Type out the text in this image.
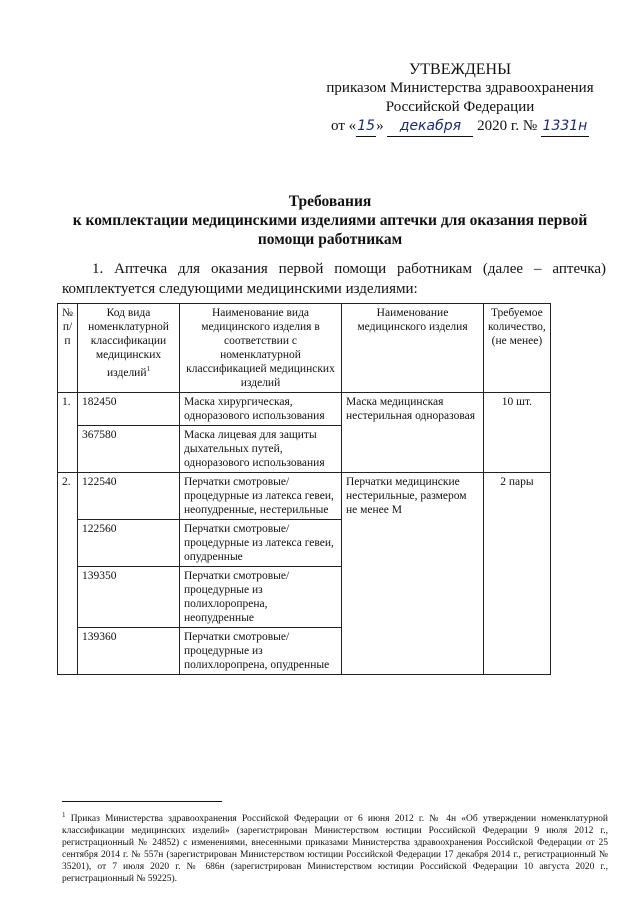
УТВЕЖДЕНЫ
приказом Министерства здравоохранения
Российской Федерации
от «15» декабря 2020 г. № 1331н
Требования
к комплектации медицинскими изделиями аптечки для оказания первой
помощи работникам
1. Аптечка для оказания первой помощи работникам (далее – аптечка) комплектуется следующими медицинскими изделиями:
№ п/п	Код вида номенклатурной классификации медицинских изделий$^1$	Наименование вида медицинского изделия в соответствии с номенклатурной классификацией медицинских изделий	Наименование медицинского изделия	Требуемое количество, (не менее)
1.	182450	Маска хирургическая, одноразового использования	Маска медицинская нестерильная одноразовая	10 шт.
	367580	Маска лицевая для защиты дыхательных путей, одноразового использования		
2.	122540	Перчатки смотровые/процедурные из латекса гевеи, неопудренные, нестерильные	Перчатки медицинские нестерильные, размером не менее M	2 пары
	122560	Перчатки смотровые/процедурные из латекса гевеи, опудренные		
	139350	Перчатки смотровые/процедурные из полихлоропрена, неопудренные		
	139360	Перчатки смотровые/процедурные из полихлоропрена, опудренные		
$^1$ Приказ Министерства здравоохранения Российской Федерации от 6 июня 2012 г. № 4н «Об утверждении номенклатурной классификации медицинских изделий» (зарегистрирован Министерством юстиции Российской Федерации 9 июля 2012 г., регистрационный № 24852) с изменениями, внесенными приказами Министерства здравоохранения Российской Федерации от 25 сентября 2014 г. № 557н (зарегистрирован Министерством юстиции Российской Федерации 17 декабря 2014 г., регистрационный № 35201), от 7 июля 2020 г. № 686н (зарегистрирован Министерством юстиции Российской Федерации 10 августа 2020 г., регистрационный № 59225).
